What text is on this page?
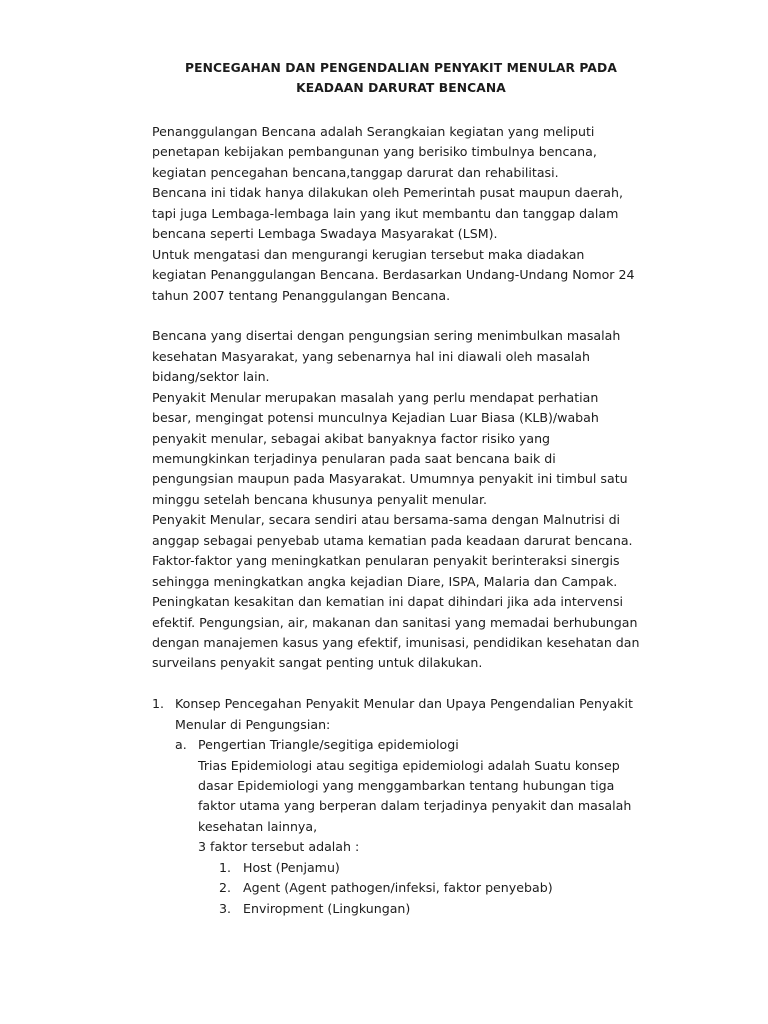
PENCEGAHAN DAN PENGENDALIAN PENYAKIT MENULAR PADA
KEADAAN DARURAT BENCANA
Penanggulangan Bencana adalah Serangkaian kegiatan yang meliputi
penetapan kebijakan pembangunan yang berisiko timbulnya bencana,
kegiatan pencegahan bencana,tanggap darurat dan rehabilitasi.
Bencana ini tidak hanya dilakukan oleh Pemerintah pusat maupun daerah,
tapi juga Lembaga-lembaga lain yang ikut membantu dan tanggap dalam
bencana seperti Lembaga Swadaya Masyarakat (LSM).
Untuk mengatasi dan mengurangi kerugian tersebut maka diadakan
kegiatan Penanggulangan Bencana. Berdasarkan Undang-Undang Nomor 24
tahun 2007 tentang Penanggulangan Bencana.
Bencana yang disertai dengan pengungsian sering menimbulkan masalah
kesehatan Masyarakat, yang sebenarnya hal ini diawali oleh masalah
bidang/sektor lain.
Penyakit Menular merupakan masalah yang perlu mendapat perhatian
besar, mengingat potensi munculnya Kejadian Luar Biasa (KLB)/wabah
penyakit menular, sebagai akibat banyaknya factor risiko yang
memungkinkan terjadinya penularan pada saat bencana baik di
pengungsian maupun pada Masyarakat. Umumnya penyakit ini timbul satu
minggu setelah bencana khusunya penyalit menular.
Penyakit Menular, secara sendiri atau bersama-sama dengan Malnutrisi di
anggap sebagai penyebab utama kematian pada keadaan darurat bencana.
Faktor-faktor yang meningkatkan penularan penyakit berinteraksi sinergis
sehingga meningkatkan angka kejadian Diare, ISPA, Malaria dan Campak.
Peningkatan kesakitan dan kematian ini dapat dihindari jika ada intervensi
efektif. Pengungsian, air, makanan dan sanitasi yang memadai berhubungan
dengan manajemen kasus yang efektif, imunisasi, pendidikan kesehatan dan
surveilans penyakit sangat penting untuk dilakukan.
1. Konsep Pencegahan Penyakit Menular dan Upaya Pengendalian Penyakit
Menular di Pengungsian:
a. Pengertian Triangle/segitiga epidemiologi
Trias Epidemiologi atau segitiga epidemiologi adalah Suatu konsep
dasar Epidemiologi yang menggambarkan tentang hubungan tiga
faktor utama yang berperan dalam terjadinya penyakit dan masalah
kesehatan lainnya,
3 faktor tersebut adalah :
1. Host (Penjamu)
2. Agent (Agent pathogen/infeksi, faktor penyebab)
3. Enviropment (Lingkungan)
